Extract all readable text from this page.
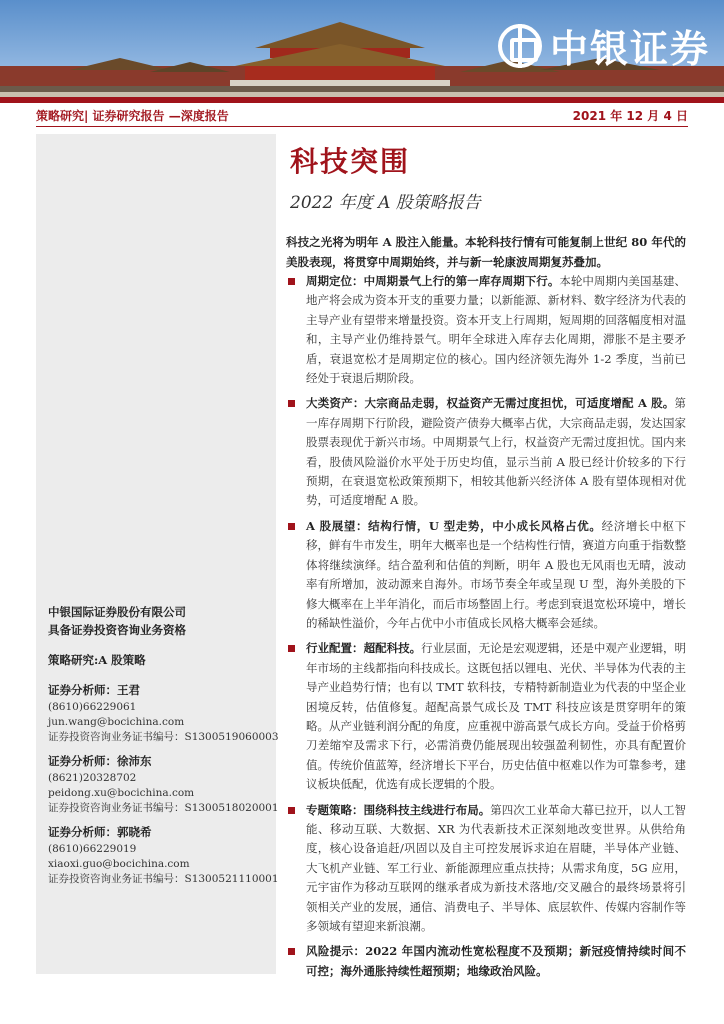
中银证券
策略研究| 证券研究报告 —深度报告	2021 年 12 月 4 日
中银国际证券股份有限公司
具备证券投资咨询业务资格
策略研究:A 股策略
证券分析师：王君
(8610)66229061
jun.wang@bocichina.com
证券投资咨询业务证书编号：S1300519060003
证券分析师：徐沛东
(8621)20328702
peidong.xu@bocichina.com
证券投资咨询业务证书编号：S1300518020001
证券分析师：郭晓希
(8610)66229019
xiaoxi.guo@bocichina.com
证券投资咨询业务证书编号：S1300521110001
科技突围
2022 年度 A 股策略报告
科技之光将为明年 A 股注入能量。本轮科技行情有可能复制上世纪 80 年代的美股表现，将贯穿中周期始终，并与新一轮康波周期复苏叠加。
周期定位：中周期景气上行的第一库存周期下行。本轮中周期内美国基建、地产将会成为资本开支的重要力量；以新能源、新材料、数字经济为代表的主导产业有望带来增量投资。资本开支上行周期，短周期的回落幅度相对温和，主导产业仍维持景气。明年全球进入库存去化周期，滞胀不是主要矛盾，衰退宽松才是周期定位的核心。国内经济领先海外 1-2 季度，当前已经处于衰退后期阶段。
大类资产：大宗商品走弱，权益资产无需过度担忧，可适度增配 A 股。第一库存周期下行阶段，避险资产债券大概率占优，大宗商品走弱，发达国家股票表现优于新兴市场。中周期景气上行，权益资产无需过度担忧。国内来看，股债风险溢价水平处于历史均值，显示当前 A 股已经计价较多的下行预期，在衰退宽松政策预期下，相较其他新兴经济体 A 股有望体现相对优势，可适度增配 A 股。
A 股展望：结构行情，U 型走势，中小成长风格占优。经济增长中枢下移，鲜有牛市发生，明年大概率也是一个结构性行情，赛道方向重于指数整体将继续演绎。结合盈利和估值的判断，明年 A 股也无风雨也无晴，波动率有所增加，波动源来自海外。市场节奏全年或呈现 U 型，海外美股的下修大概率在上半年消化，而后市场整固上行。考虑到衰退宽松环境中，增长的稀缺性溢价，今年占优中小市值成长风格大概率会延续。
行业配置：超配科技。行业层面，无论是宏观逻辑，还是中观产业逻辑，明年市场的主线都指向科技成长。这既包括以锂电、光伏、半导体为代表的主导产业趋势行情；也有以 TMT 软科技，专精特新制造业为代表的中坚企业困境反转，估值修复。超配高景气成长及 TMT 科技应该是贯穿明年的策略。从产业链利润分配的角度，应重视中游高景气成长方向。受益于价格剪刀差缩窄及需求下行，必需消费仍能展现出较强盈利韧性，亦具有配置价值。传统价值蓝筹，经济增长下平台，历史估值中枢难以作为可靠参考，建议板块低配，优选有成长逻辑的个股。
专题策略：围绕科技主线进行布局。第四次工业革命大幕已拉开，以人工智能、移动互联、大数据、XR 为代表新技术正深刻地改变世界。从供给角度，核心设备追赶/巩固以及自主可控发展诉求迫在眉睫，半导体产业链、大飞机产业链、军工行业、新能源理应重点扶持；从需求角度，5G 应用，元宇宙作为移动互联网的继承者成为新技术落地/交叉融合的最终场景将引领相关产业的发展，通信、消费电子、半导体、底层软件、传媒内容制作等多领域有望迎来新浪潮。
风险提示：2022 年国内流动性宽松程度不及预期；新冠疫情持续时间不可控；海外通胀持续性超预期；地缘政治风险。
